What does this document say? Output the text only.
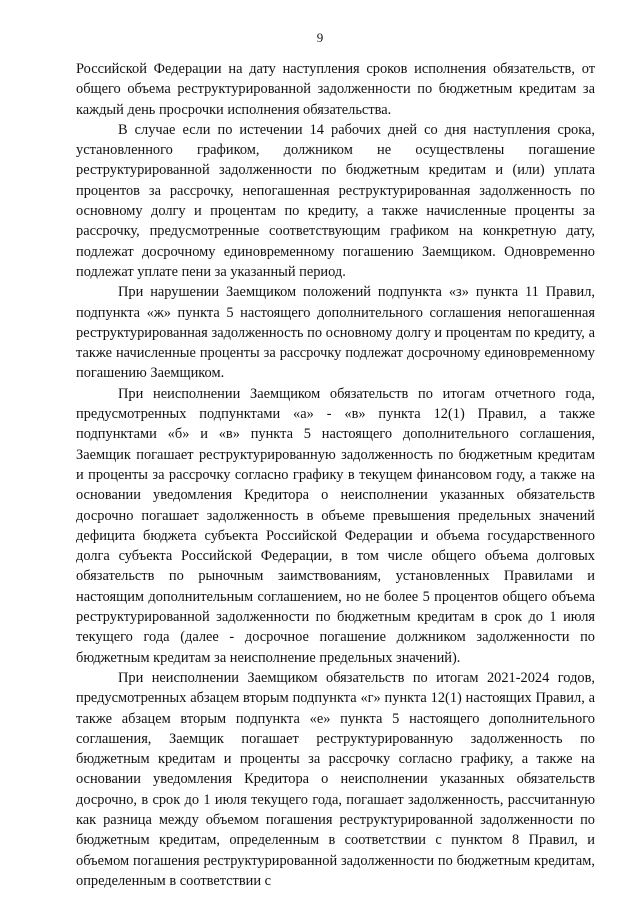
9

Российской Федерации на дату наступления сроков исполнения обязательств, от общего объема реструктурированной задолженности по бюджетным кредитам за каждый день просрочки исполнения обязательства.

В случае если по истечении 14 рабочих дней со дня наступления срока, установленного графиком, должником не осуществлены погашение реструктурированной задолженности по бюджетным кредитам и (или) уплата процентов за рассрочку, непогашенная реструктурированная задолженность по основному долгу и процентам по кредиту, а также начисленные проценты за рассрочку, предусмотренные соответствующим графиком на конкретную дату, подлежат досрочному единовременному погашению Заемщиком. Одновременно подлежат уплате пени за указанный период.

При нарушении Заемщиком положений подпункта «з» пункта 11 Правил, подпункта «ж» пункта 5 настоящего дополнительного соглашения непогашенная реструктурированная задолженность по основному долгу и процентам по кредиту, а также начисленные проценты за рассрочку подлежат досрочному единовременному погашению Заемщиком.

При неисполнении Заемщиком обязательств по итогам отчетного года, предусмотренных подпунктами «а» - «в» пункта 12(1) Правил, а также подпунктами «б» и «в» пункта 5 настоящего дополнительного соглашения, Заемщик погашает реструктурированную задолженность по бюджетным кредитам и проценты за рассрочку согласно графику в текущем финансовом году, а также на основании уведомления Кредитора о неисполнении указанных обязательств досрочно погашает задолженность в объеме превышения предельных значений дефицита бюджета субъекта Российской Федерации и объема государственного долга субъекта Российской Федерации, в том числе общего объема долговых обязательств по рыночным заимствованиям, установленных Правилами и настоящим дополнительным соглашением, но не более 5 процентов общего объема реструктурированной задолженности по бюджетным кредитам в срок до 1 июля текущего года (далее - досрочное погашение должником задолженности по бюджетным кредитам за неисполнение предельных значений).

При неисполнении Заемщиком обязательств по итогам 2021-2024 годов, предусмотренных абзацем вторым подпункта «г» пункта 12(1) настоящих Правил, а также абзацем вторым подпункта «е» пункта 5 настоящего дополнительного соглашения, Заемщик погашает реструктурированную задолженность по бюджетным кредитам и проценты за рассрочку согласно графику, а также на основании уведомления Кредитора о неисполнении указанных обязательств досрочно, в срок до 1 июля текущего года, погашает задолженность, рассчитанную как разница между объемом погашения реструктурированной задолженности по бюджетным кредитам, определенным в соответствии с пунктом 8 Правил, и объемом погашения реструктурированной задолженности по бюджетным кредитам, определенным в соответствии с
